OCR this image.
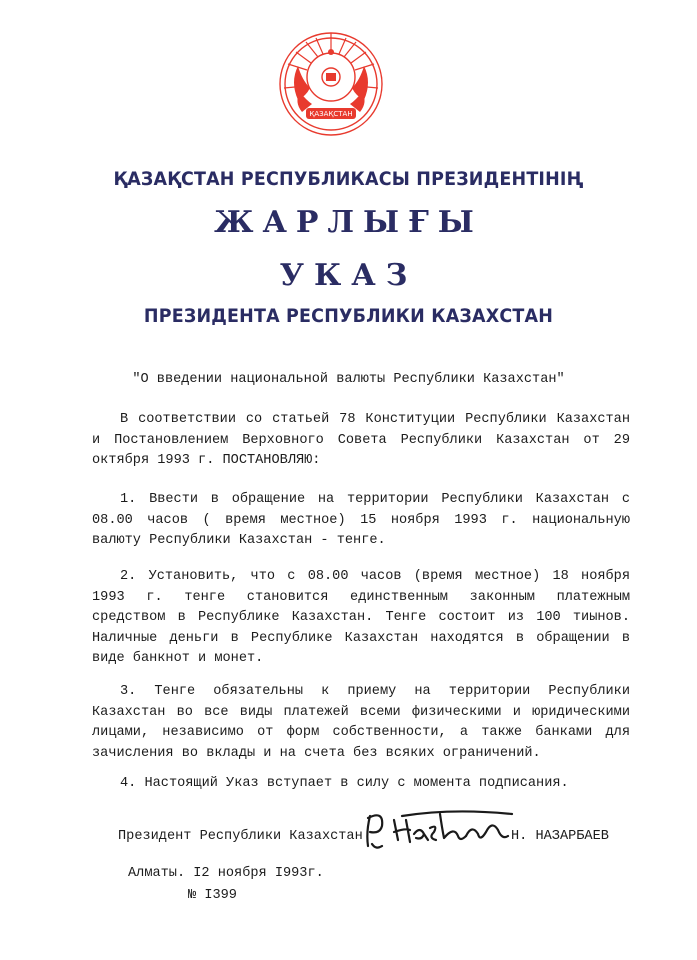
ҚАЗАҚСТАН
ҚАЗАҚСТАН РЕСПУБЛИКАСЫ ПРЕЗИДЕНТІНІҢ
ЖАРЛЫҒЫ
УКАЗ
ПРЕЗИДЕНТА РЕСПУБЛИКИ КАЗАХСТАН
"О введении национальной валюты Республики Казахстан"
В соответствии со статьей 78 Конституции Республики Казахстан и Постановлением Верховного Совета Республики Казахстан от 29 октября 1993 г. ПОСТАНОВЛЯЮ:
1. Ввести в обращение на территории Республики Казахстан с 08.00 часов ( время местное) 15 ноября 1993 г. национальную валюту Республики Казахстан - тенге.
2. Установить, что с 08.00 часов (время местное) 18 ноября 1993 г. тенге становится единственным законным платежным средством в Республике Казахстан. Тенге состоит из 100 тиынов. Наличные деньги в Республике Казахстан находятся в обращении в виде банкнот и монет.
3. Тенге обязательны к приему на территории Республики Казахстан во все виды платежей всеми физическими и юридическими лицами, независимо от форм собственности, а также банками для зачисления во вклады и на счета без всяких ограничений.
4. Настоящий Указ вступает в силу с момента подписания.
Президент Республики Казахстан	Н. НАЗАРБАЕВ
Алматы. I2 ноября I993г.
№ I399
